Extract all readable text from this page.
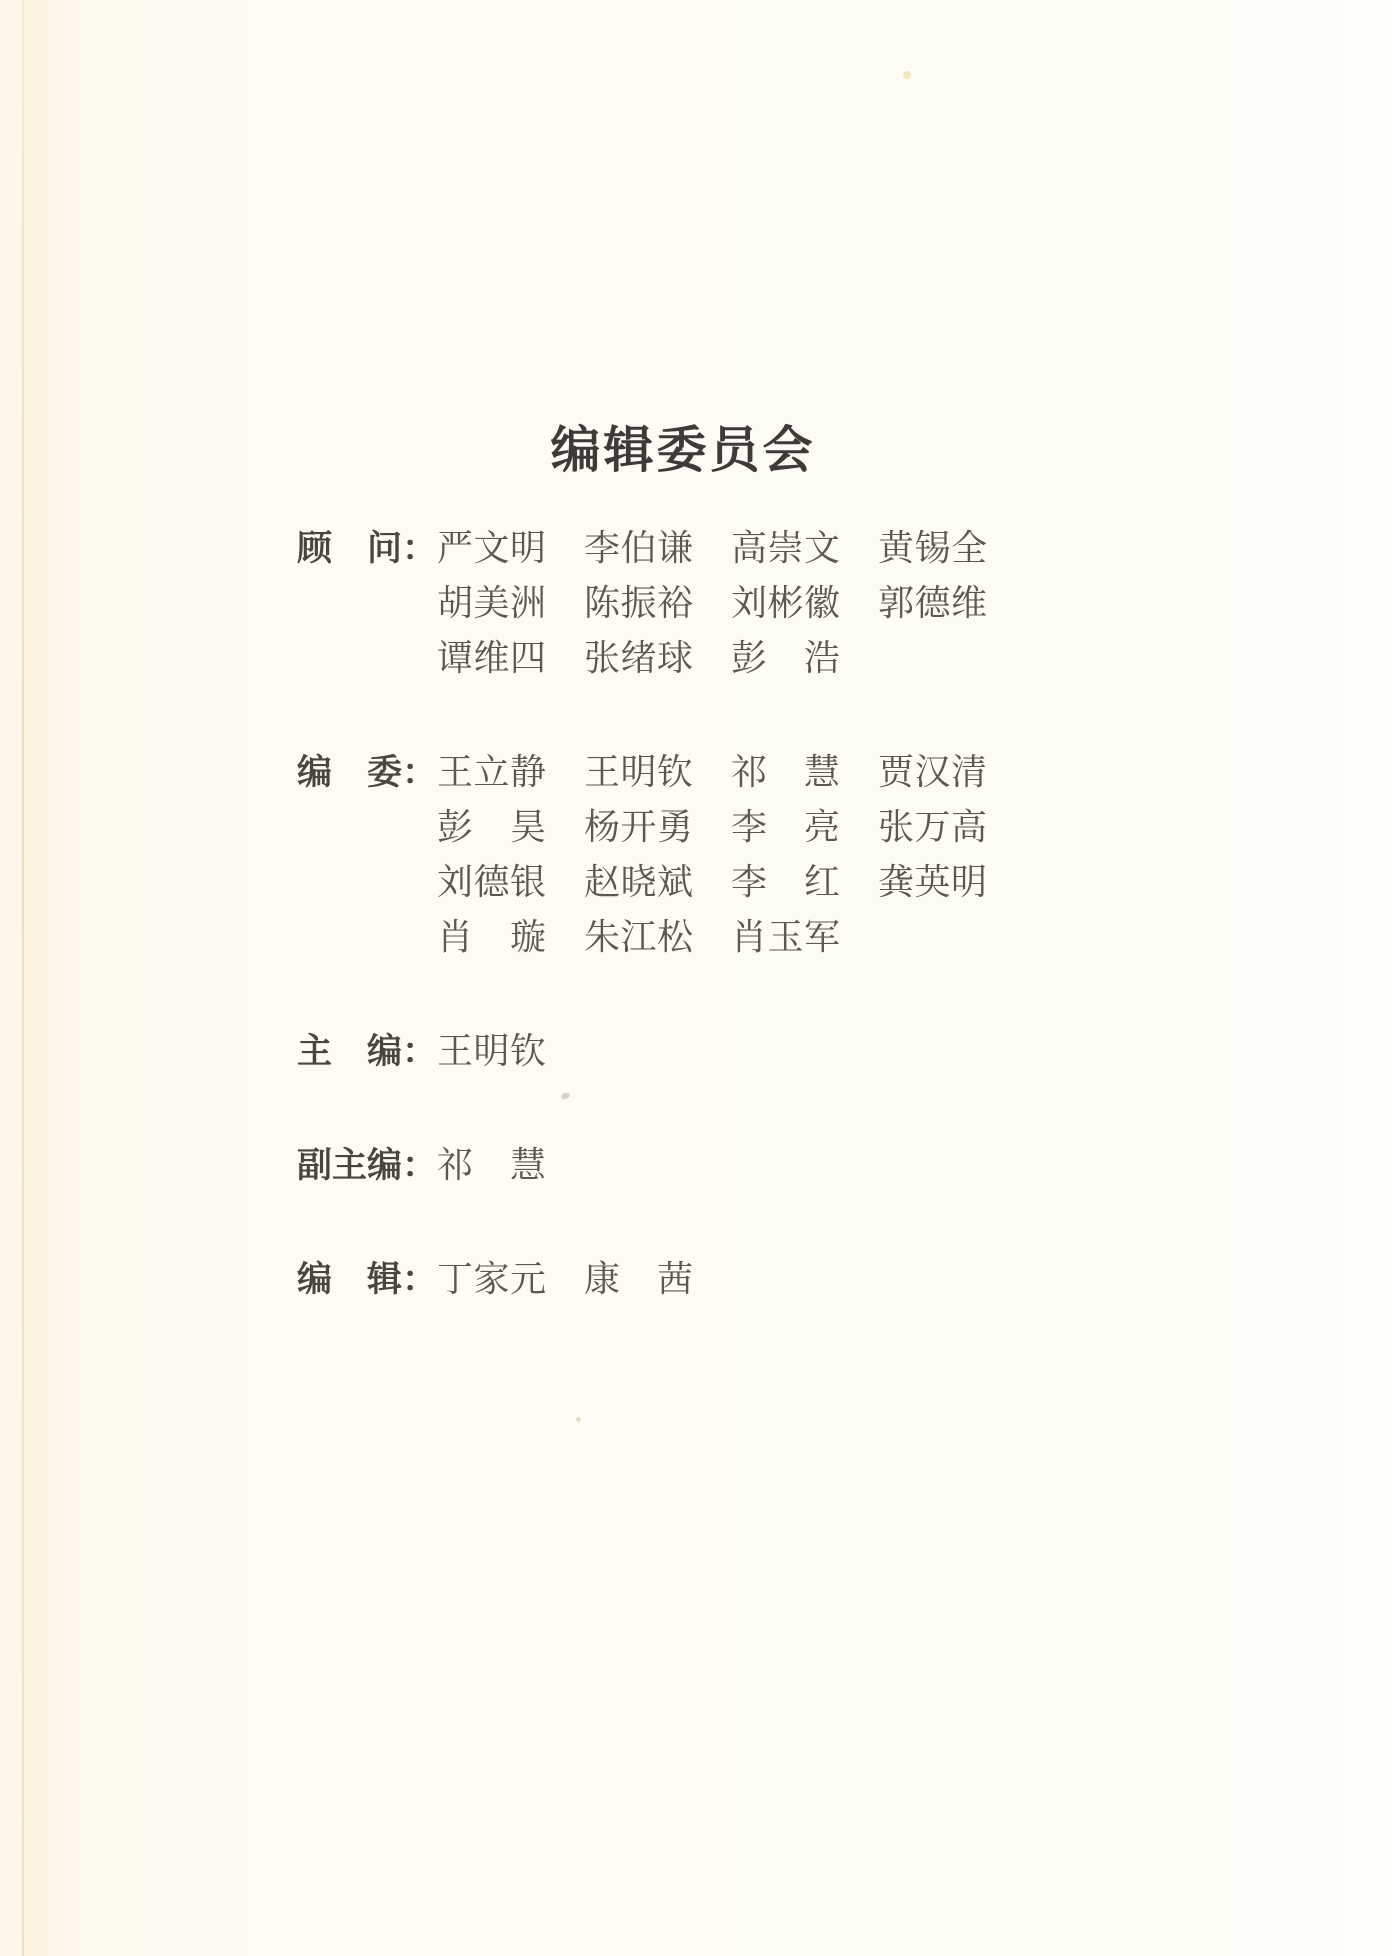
编辑委员会
顾　问： 严文明	李伯谦	高崇文	黄锡全
胡美洲	陈振裕	刘彬徽	郭德维
谭维四	张绪球	彭　浩
编　委： 王立静	王明钦	祁　慧	贾汉清
彭　昊	杨开勇	李　亮	张万高
刘德银	赵晓斌	李　红	龚英明
肖　璇	朱江松	肖玉军
主　编： 王明钦
副主编： 祁　慧
编　辑： 丁家元	康　茜
